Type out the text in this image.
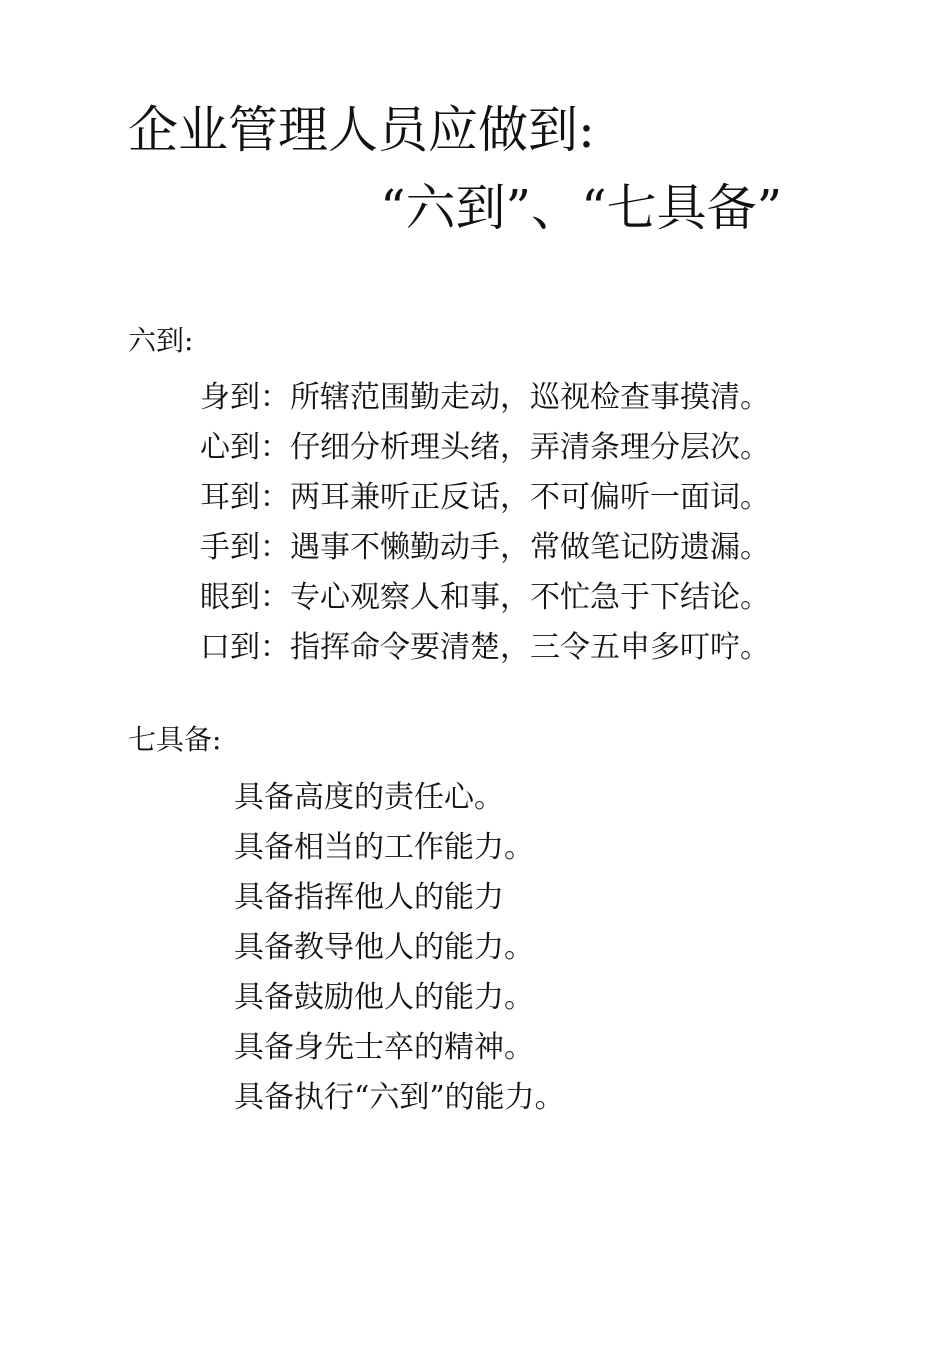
企业管理人员应做到:
“六到”、“七具备”
六到:
身到：所辖范围勤走动，巡视检查事摸清。
心到：仔细分析理头绪，弄清条理分层次。
耳到：两耳兼听正反话，不可偏听一面词。
手到：遇事不懒勤动手，常做笔记防遗漏。
眼到：专心观察人和事，不忙急于下结论。
口到：指挥命令要清楚，三令五申多叮咛。
七具备:
具备高度的责任心。
具备相当的工作能力。
具备指挥他人的能力
具备教导他人的能力。
具备鼓励他人的能力。
具备身先士卒的精神。
具备执行“六到”的能力。
